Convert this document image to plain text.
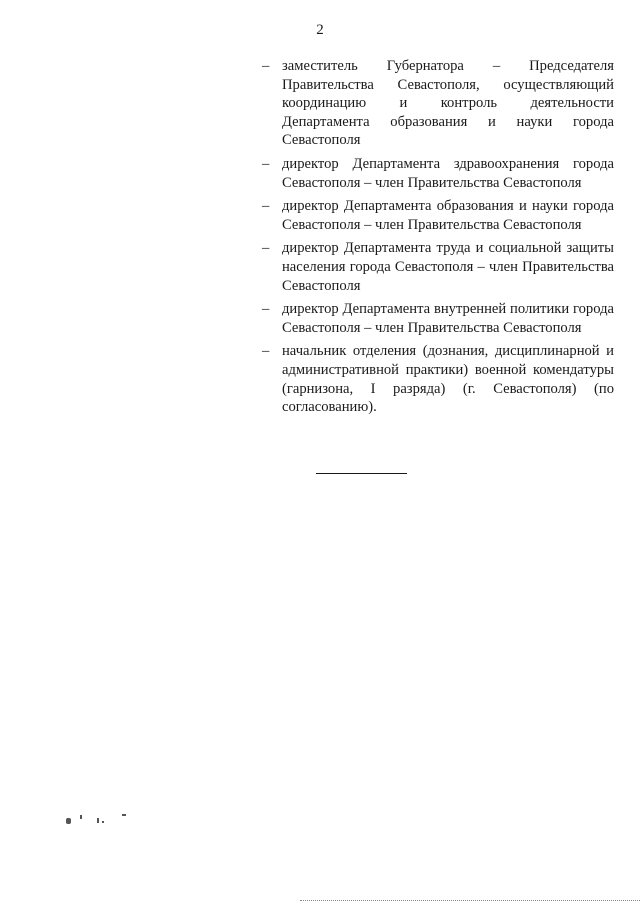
2
– заместитель Губернатора – Председателя Правительства Севастополя, осуществляющий координацию и контроль деятельности Департамента образования и науки города Севастополя
– директор Департамента здравоохранения города Севастополя – член Правительства Севастополя
– директор Департамента образования и науки города Севастополя – член Правительства Севастополя
– директор Департамента труда и социальной защиты населения города Севастополя – член Правительства Севастополя
– директор Департамента внутренней политики города Севастополя – член Правительства Севастополя
– начальник отделения (дознания, дисциплинарной и административной практики) военной комендатуры (гарнизона, I разряда) (г. Севастополя) (по согласованию).
